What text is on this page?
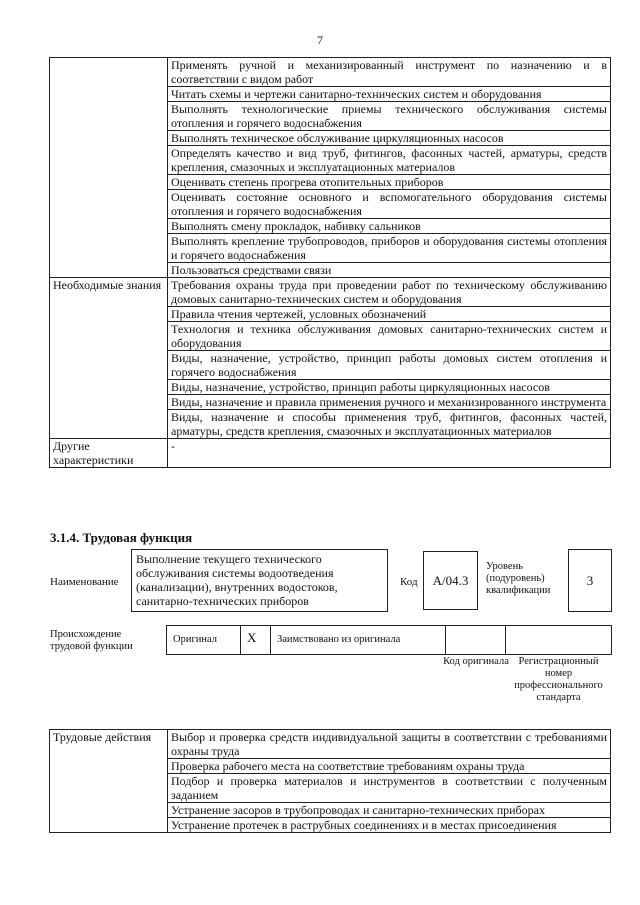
7
	Применять ручной и механизированный инструмент по назначению и в соответствии с видом работ
	Читать схемы и чертежи санитарно-технических систем и оборудования
	Выполнять технологические приемы технического обслуживания системы отопления и горячего водоснабжения
	Выполнять техническое обслуживание циркуляционных насосов
	Определять качество и вид труб, фитингов, фасонных частей, арматуры, средств крепления, смазочных и эксплуатационных материалов
	Оценивать степень прогрева отопительных приборов
	Оценивать состояние основного и вспомогательного оборудования системы отопления и горячего водоснабжения
	Выполнять смену прокладок, набивку сальников
	Выполнять крепление трубопроводов, приборов и оборудования системы отопления и горячего водоснабжения
	Пользоваться средствами связи
Необходимые знания	Требования охраны труда при проведении работ по техническому обслуживанию домовых санитарно-технических систем и оборудования
	Правила чтения чертежей, условных обозначений
	Технология и техника обслуживания домовых санитарно-технических систем и оборудования
	Виды, назначение, устройство, принцип работы домовых систем отопления и горячего водоснабжения
	Виды, назначение, устройство, принцип работы циркуляционных насосов
	Виды, назначение и правила применения ручного и механизированного инструмента
	Виды, назначение и способы применения труб, фитингов, фасонных частей, арматуры, средств крепления, смазочных и эксплуатационных материалов
Другие характеристики	-
3.1.4. Трудовая функция
Наименование
Выполнение текущего технического обслуживания системы водоотведения (канализации), внутренних водостоков, санитарно-технических приборов
Код A/04.3
Уровень (подуровень) квалификации
3
Происхождение трудовой функции
Оригинал X Заимствовано из оригинала
Код оригинала Регистрационный номер профессионального стандарта
Трудовые действия	Выбор и проверка средств индивидуальной защиты в соответствии с требованиями охраны труда
Проверка рабочего места на соответствие требованиям охраны труда
Подбор и проверка материалов и инструментов в соответствии с полученным заданием
Устранение засоров в трубопроводах и санитарно-технических приборах
Устранение протечек в раструбных соединениях и в местах присоединения
